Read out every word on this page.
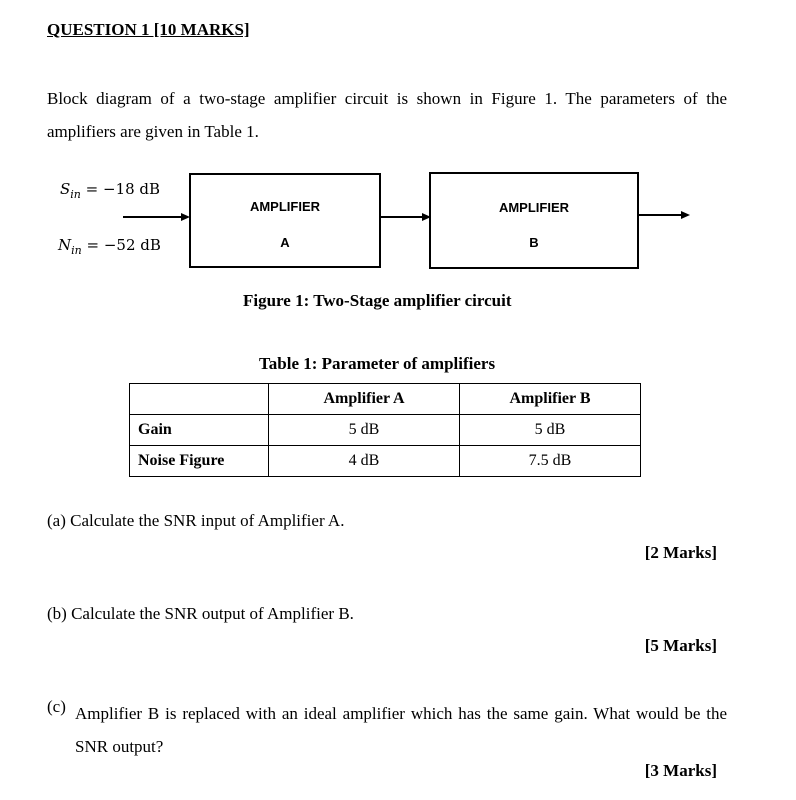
QUESTION 1 [10 MARKS]
Block diagram of a two-stage amplifier circuit is shown in Figure 1. The parameters of the amplifiers are given in Table 1.
$S_{in} = -18$ dB
$N_{in} = -52$ dB
AMPLIFIER
A
AMPLIFIER
B
Figure 1: Two-Stage amplifier circuit
Table 1: Parameter of amplifiers
	Amplifier A	Amplifier B
Gain	5 dB	5 dB
Noise Figure	4 dB	7.5 dB
(a) Calculate the SNR input of Amplifier A.
[2 Marks]
(b) Calculate the SNR output of Amplifier B.
[5 Marks]
(c) Amplifier B is replaced with an ideal amplifier which has the same gain. What would be the SNR output?
[3 Marks]
